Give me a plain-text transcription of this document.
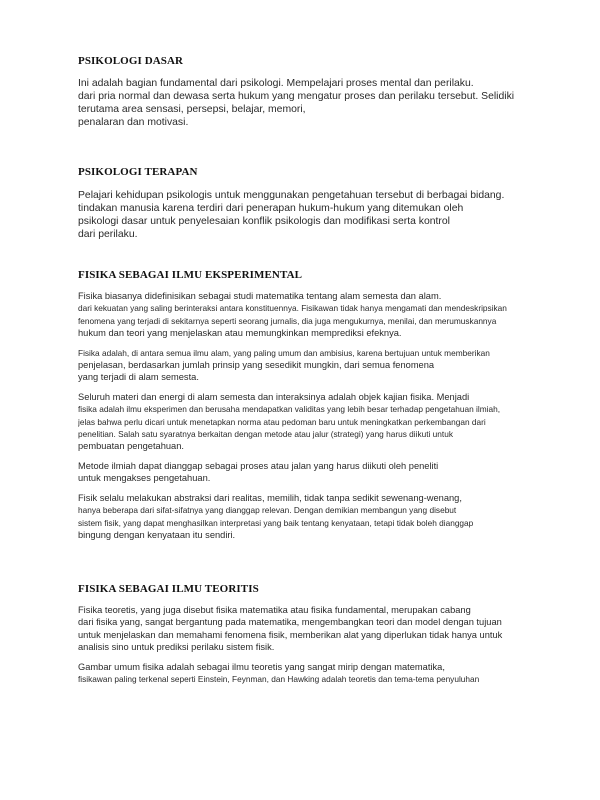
PSIKOLOGI DASAR
Ini adalah bagian fundamental dari psikologi. Mempelajari proses mental dan perilaku.
dari pria normal dan dewasa serta hukum yang mengatur proses dan perilaku tersebut. Selidiki
terutama area sensasi, persepsi, belajar, memori,
penalaran dan motivasi.
PSIKOLOGI TERAPAN
Pelajari kehidupan psikologis untuk menggunakan pengetahuan tersebut di berbagai bidang.
tindakan manusia karena terdiri dari penerapan hukum-hukum yang ditemukan oleh
psikologi dasar untuk penyelesaian konflik psikologis dan modifikasi serta kontrol
dari perilaku.
FISIKA SEBAGAI ILMU EKSPERIMENTAL
Fisika biasanya didefinisikan sebagai studi matematika tentang alam semesta dan alam.
dari kekuatan yang saling berinteraksi antara konstituennya. Fisikawan tidak hanya mengamati dan mendeskripsikan
fenomena yang terjadi di sekitarnya seperti seorang jurnalis, dia juga mengukurnya, menilai, dan merumuskannya
hukum dan teori yang menjelaskan atau memungkinkan memprediksi efeknya.
Fisika adalah, di antara semua ilmu alam, yang paling umum dan ambisius, karena bertujuan untuk memberikan
penjelasan, berdasarkan jumlah prinsip yang sesedikit mungkin, dari semua fenomena
yang terjadi di alam semesta.
Seluruh materi dan energi di alam semesta dan interaksinya adalah objek kajian fisika. Menjadi
fisika adalah ilmu eksperimen dan berusaha mendapatkan validitas yang lebih besar terhadap pengetahuan ilmiah,
jelas bahwa perlu dicari untuk menetapkan norma atau pedoman baru untuk meningkatkan perkembangan dari
penelitian. Salah satu syaratnya berkaitan dengan metode atau jalur (strategi) yang harus diikuti untuk
pembuatan pengetahuan.
Metode ilmiah dapat dianggap sebagai proses atau jalan yang harus diikuti oleh peneliti
untuk mengakses pengetahuan.
Fisik selalu melakukan abstraksi dari realitas, memilih, tidak tanpa sedikit sewenang-wenang,
hanya beberapa dari sifat-sifatnya yang dianggap relevan. Dengan demikian membangun yang disebut
sistem fisik, yang dapat menghasilkan interpretasi yang baik tentang kenyataan, tetapi tidak boleh dianggap
bingung dengan kenyataan itu sendiri.
FISIKA SEBAGAI ILMU TEORITIS
Fisika teoretis, yang juga disebut fisika matematika atau fisika fundamental, merupakan cabang
dari fisika yang, sangat bergantung pada matematika, mengembangkan teori dan model dengan tujuan
untuk menjelaskan dan memahami fenomena fisik, memberikan alat yang diperlukan tidak hanya untuk
analisis sino untuk prediksi perilaku sistem fisik.
Gambar umum fisika adalah sebagai ilmu teoretis yang sangat mirip dengan matematika,
fisikawan paling terkenal seperti Einstein, Feynman, dan Hawking adalah teoretis dan tema-tema penyuluhan
